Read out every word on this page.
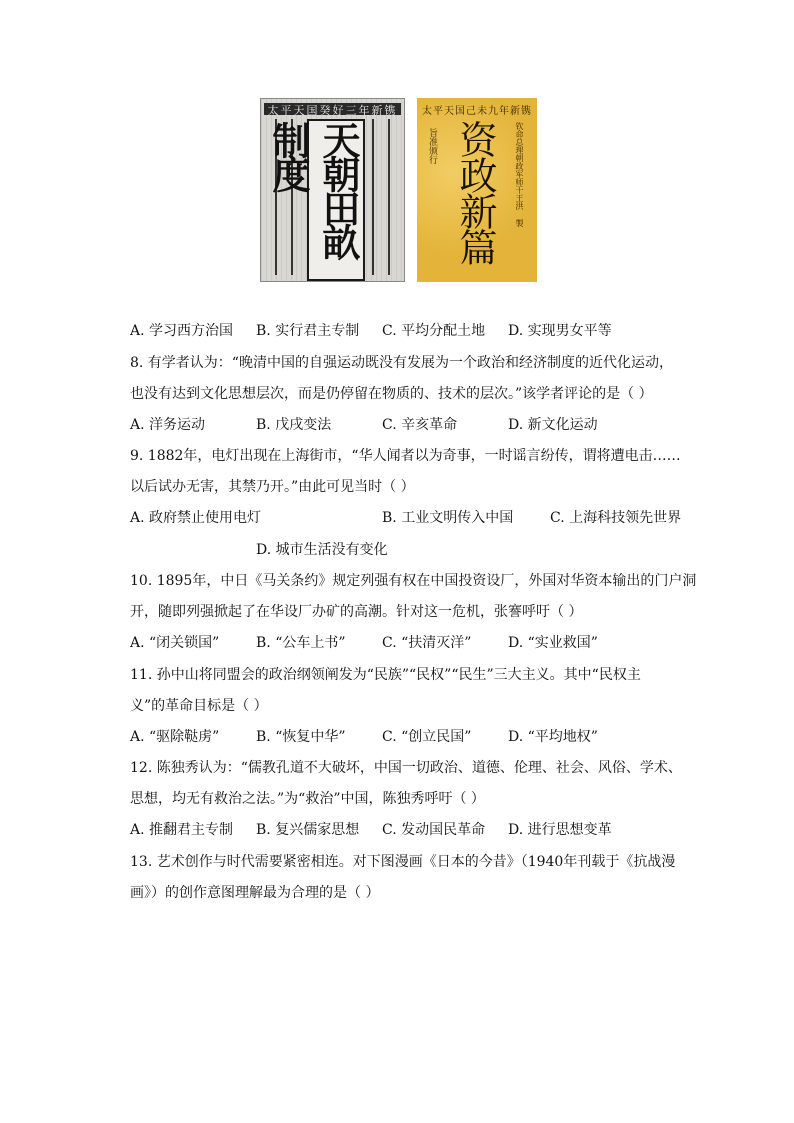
太平天国癸好三年新镌
天朝田畝制度
太平天国己未九年新镌
旨准颁行 资政新篇	钦命总理朝政军师干王洪 製
A. 学习西方治国 B. 实行君主专制 C. 平均分配土地 D. 实现男女平等
8. 有学者认为：“晚清中国的自强运动既没有发展为一个政治和经济制度的近代化运动，
也没有达到文化思想层次，而是仍停留在物质的、技术的层次。”该学者评论的是（ ）
A. 洋务运动	B. 戊戌变法	C. 辛亥革命	D. 新文化运动
9. 1882年，电灯出现在上海街市，“华人闻者以为奇事，一时谣言纷传，谓将遭电击……
以后试办无害，其禁乃开。”由此可见当时（ ）
A. 政府禁止使用电灯	B. 工业文明传入中国	C. 上海科技领先世界
D. 城市生活没有变化
10. 1895年，中日《马关条约》规定列强有权在中国投资设厂，外国对华资本输出的门户洞
开，随即列强掀起了在华设厂办矿的高潮。针对这一危机，张謇呼吁（ ）
A. “闭关锁国”	B. “公车上书”	C. “扶清灭洋”	D. “实业救国”
11. 孙中山将同盟会的政治纲领阐发为“民族”“民权”“民生”三大主义。其中“民权主
义”的革命目标是（ ）
A. “驱除鞑虏”	B. “恢复中华”	C. “创立民国”	D. “平均地权”
12. 陈独秀认为：“儒教孔道不大破坏，中国一切政治、道德、伦理、社会、风俗、学术、
思想，均无有救治之法。”为“救治”中国，陈独秀呼吁（ ）
A. 推翻君主专制 B. 复兴儒家思想 C. 发动国民革命 D. 进行思想变革
13. 艺术创作与时代需要紧密相连。对下图漫画《日本的今昔》（1940年刊载于《抗战漫
画》）的创作意图理解最为合理的是（ ）
